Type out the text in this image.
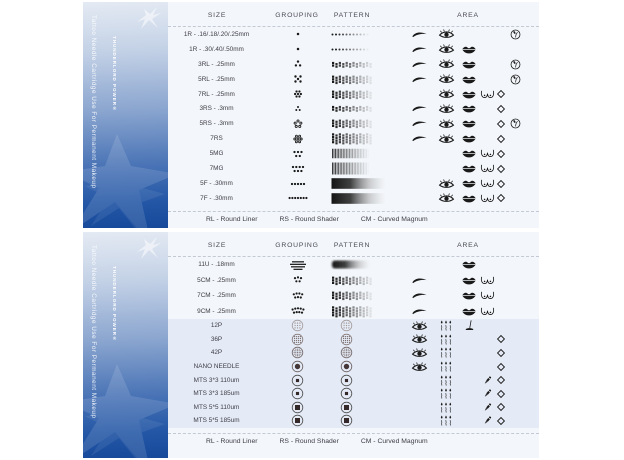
Tattoo Needle Cartridge Use For Permanent Makeup	THUNDERLORD POWER®
SIZE	GROUPING PATTERN	AREA
1R - .16/.18/.20/.25mm
1R - .30/.40/.50mm
3RL - .25mm
5RL - .25mm
7RL - .25mm
3RS - .3mm
5RS - .3mm
7RS
5MG
7MG
5F - .30mm
7F - .30mm
RL - Round Liner	RS - Round Shader	CM - Curved Magnum
Tattoo Needle Cartridge Use For Permanent Makeup	THUNDERLORD POWER®
SIZE	GROUPING PATTERN	AREA
11U - .18mm
5CM - .25mm
7CM - .25mm
9CM - .25mm
12P
36P
42P
NANO NEEDLE
MTS 3*3 110um
MTS 3*3 185um
MTS 5*5 110um
MTS 5*5 185um
RL - Round Liner	RS - Round Shader	CM - Curved Magnum
